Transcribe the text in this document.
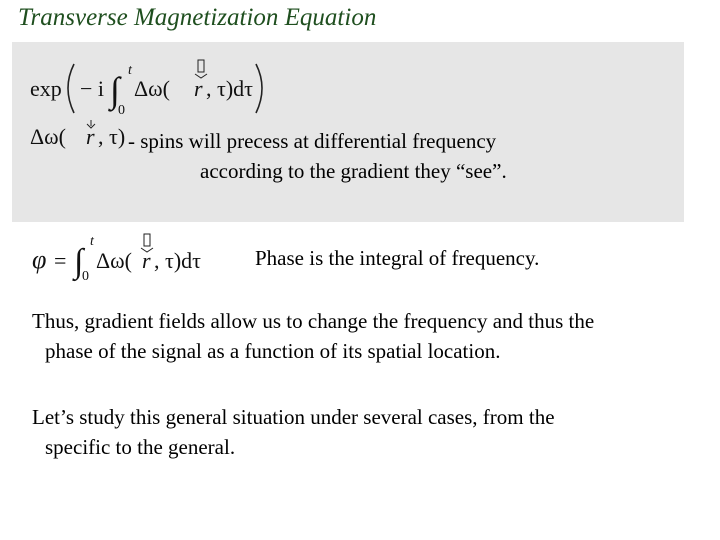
Transverse Magnetization Equation
exp − i ∫ t
0
Δω( r , τ)dτ
Δω( r , τ) - spins will precess at differential frequency
according to the gradient they “see”.
φ = ∫
t
0
Δω( r , τ)dτ	Phase is the integral of frequency.
Thus, gradient fields allow us to change the frequency and thus the
phase of the signal as a function of its spatial location.
Let’s study this general situation under several cases, from the
specific to the general.
